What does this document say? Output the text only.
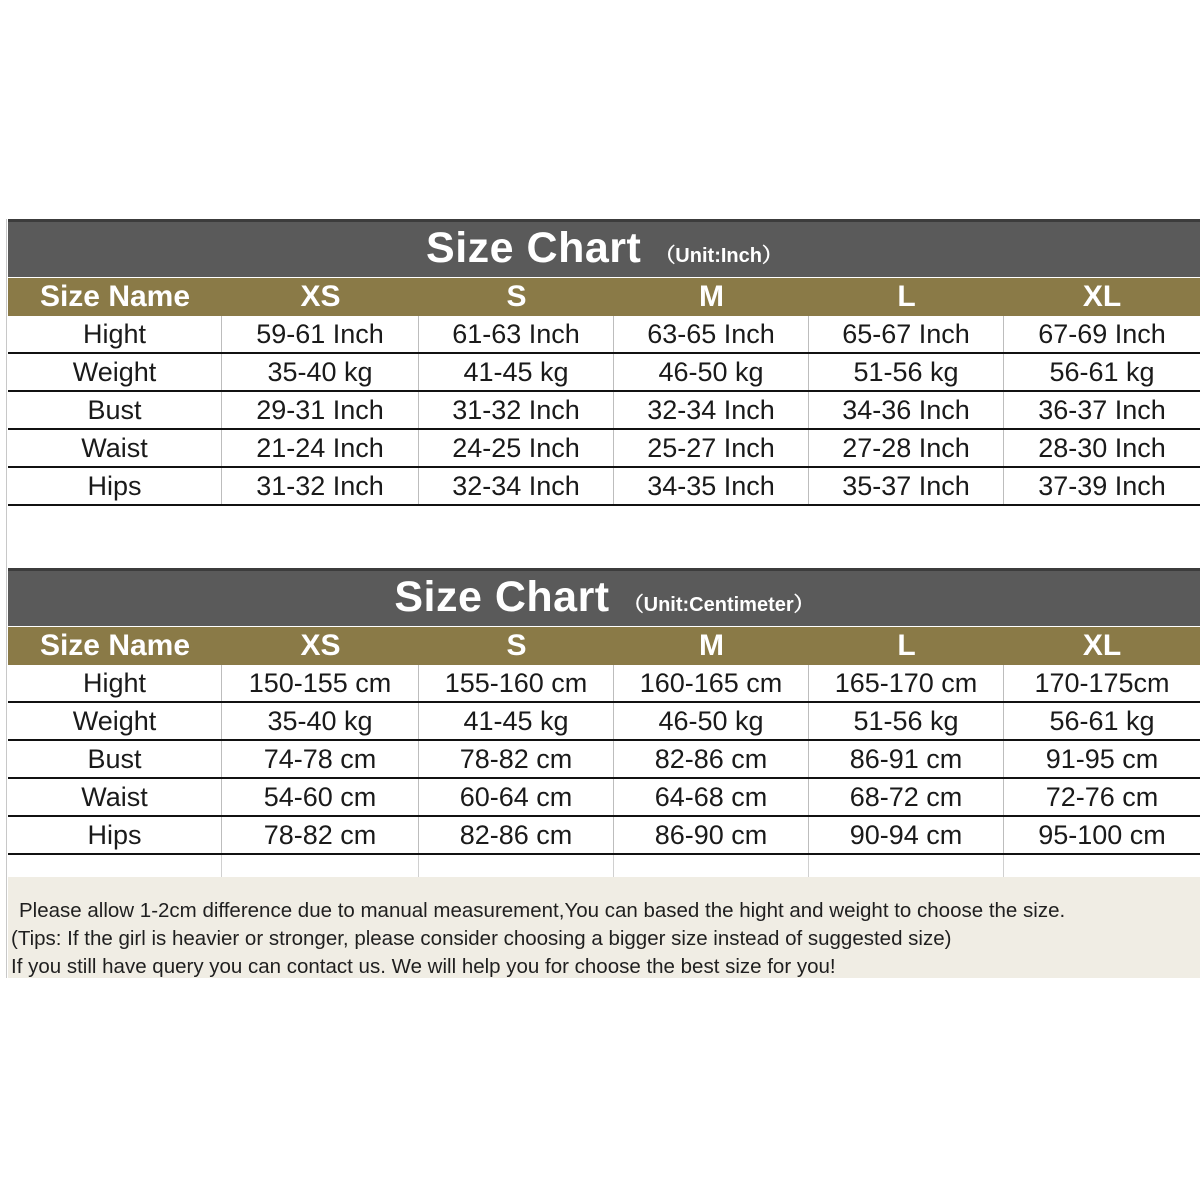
Size Chart （Unit:Inch）
Size Name	XS	S	M	L	XL
Hight	59-61 Inch	61-63 Inch	63-65 Inch	65-67 Inch	67-69 Inch
Weight	35-40 kg	41-45 kg	46-50 kg	51-56 kg	56-61 kg
Bust	29-31 Inch	31-32 Inch	32-34 Inch	34-36 Inch	36-37 Inch
Waist	21-24 Inch	24-25 Inch	25-27 Inch	27-28 Inch	28-30 Inch
Hips	31-32 Inch	32-34 Inch	34-35 Inch	35-37 Inch	37-39 Inch
Size Chart （Unit:Centimeter）
Size Name	XS	S	M	L	XL
Hight	150-155 cm	155-160 cm	160-165 cm	165-170 cm	170-175cm
Weight	35-40 kg	41-45 kg	46-50 kg	51-56 kg	56-61 kg
Bust	74-78 cm	78-82 cm	82-86 cm	86-91 cm	91-95 cm
Waist	54-60 cm	60-64 cm	64-68 cm	68-72 cm	72-76 cm
Hips	78-82 cm	82-86 cm	86-90 cm	90-94 cm	95-100 cm
Please allow 1-2cm difference due to manual measurement,You can based the hight and weight to choose the size.
(Tips: If the girl is heavier or stronger, please consider choosing a bigger size instead of suggested size)
If you still have query you can contact us. We will help you for choose the best size for you!
